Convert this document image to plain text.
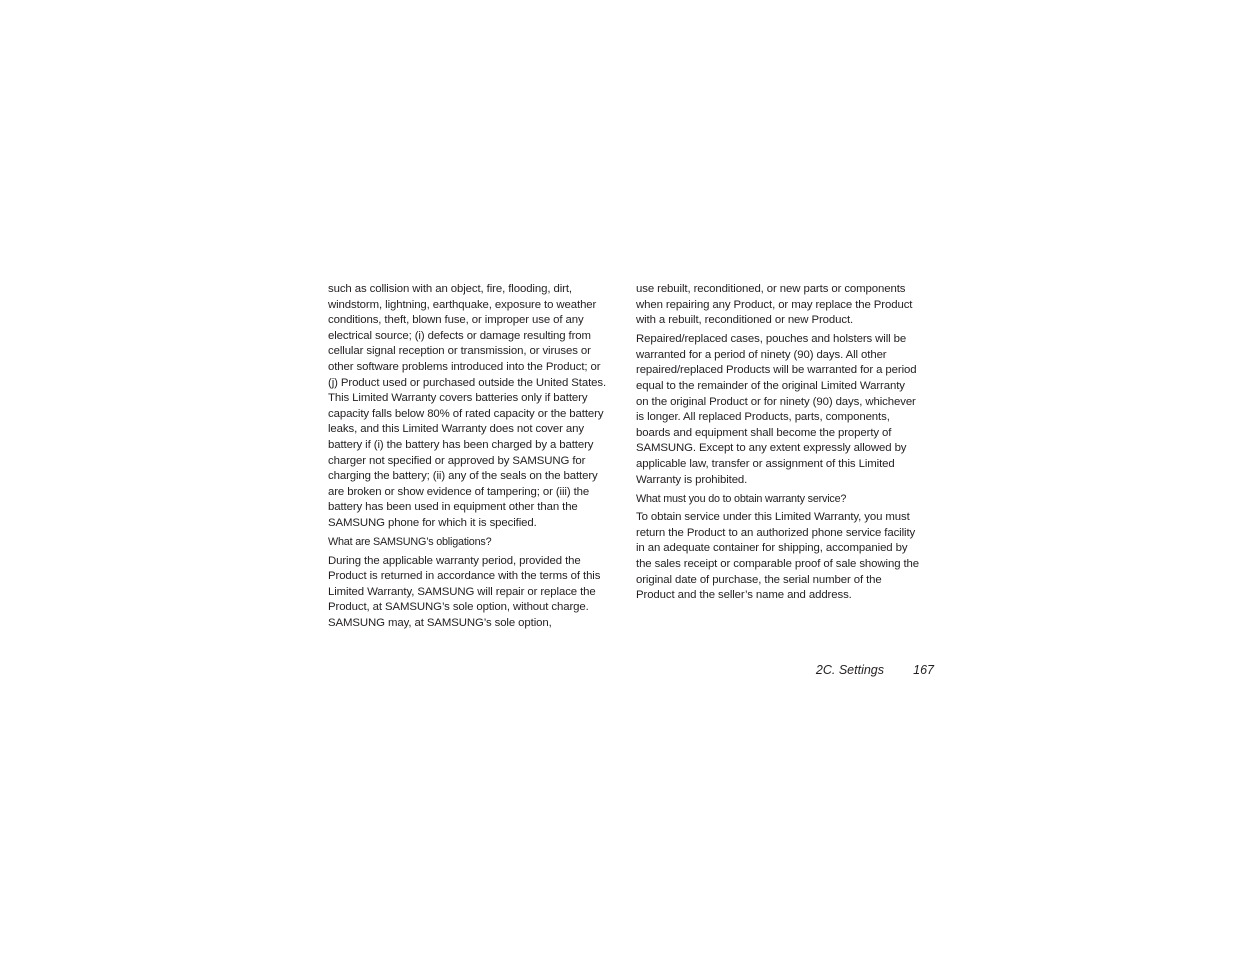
such as collision with an object, fire, flooding, dirt, windstorm, lightning, earthquake, exposure to weather conditions, theft, blown fuse, or improper use of any electrical source; (i) defects or damage resulting from cellular signal reception or transmission, or viruses or other software problems introduced into the Product; or (j) Product used or purchased outside the United States. This Limited Warranty covers batteries only if battery capacity falls below 80% of rated capacity or the battery leaks, and this Limited Warranty does not cover any battery if (i) the battery has been charged by a battery charger not specified or approved by SAMSUNG for charging the battery; (ii) any of the seals on the battery are broken or show evidence of tampering; or (iii) the battery has been used in equipment other than the SAMSUNG phone for which it is specified.

What are SAMSUNG’s obligations?

During the applicable warranty period, provided the Product is returned in accordance with the terms of this Limited Warranty, SAMSUNG will repair or replace the Product, at SAMSUNG’s sole option, without charge. SAMSUNG may, at SAMSUNG’s sole option,

use rebuilt, reconditioned, or new parts or components when repairing any Product, or may replace the Product with a rebuilt, reconditioned or new Product.

Repaired/replaced cases, pouches and holsters will be warranted for a period of ninety (90) days. All other repaired/replaced Products will be warranted for a period equal to the remainder of the original Limited Warranty on the original Product or for ninety (90) days, whichever is longer. All replaced Products, parts, components, boards and equipment shall become the property of SAMSUNG. Except to any extent expressly allowed by applicable law, transfer or assignment of this Limited Warranty is prohibited.

What must you do to obtain warranty service?

To obtain service under this Limited Warranty, you must return the Product to an authorized phone service facility in an adequate container for shipping, accompanied by the sales receipt or comparable proof of sale showing the original date of purchase, the serial number of the Product and the seller’s name and address.

2C. Settings 167
